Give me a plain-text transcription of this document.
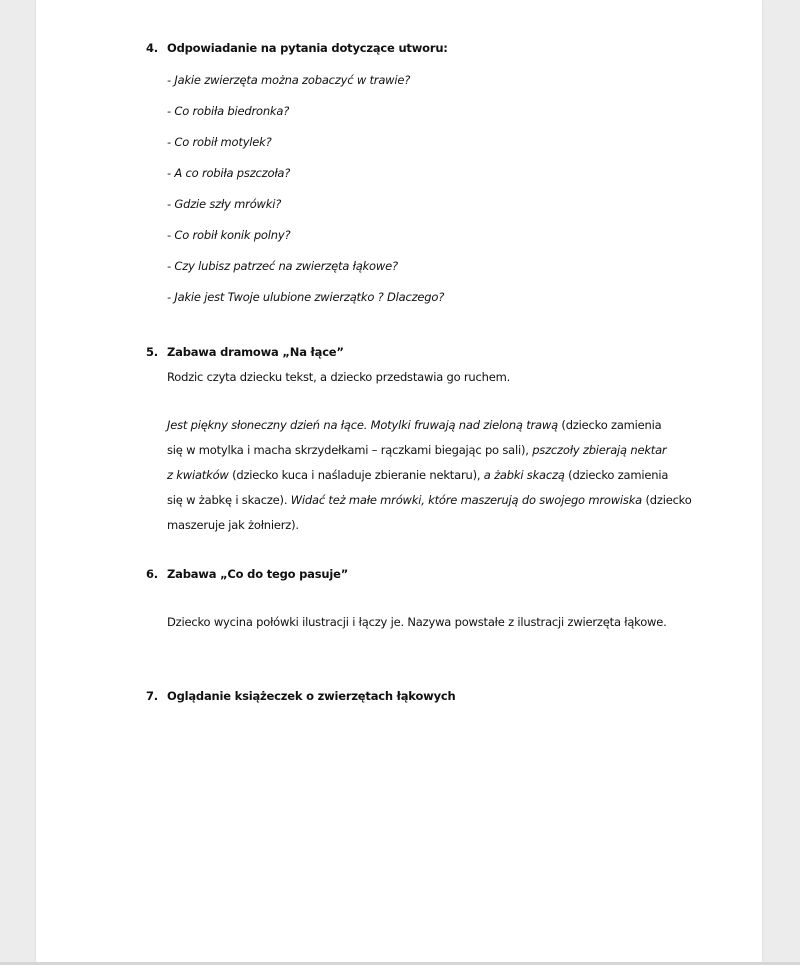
4. Odpowiadanie na pytania dotyczące utworu:
- Jakie zwierzęta można zobaczyć w trawie?
- Co robiła biedronka?
- Co robił motylek?
- A co robiła pszczoła?
- Gdzie szły mrówki?
- Co robił konik polny?
- Czy lubisz patrzeć na zwierzęta łąkowe?
- Jakie jest Twoje ulubione zwierzątko ? Dlaczego?
5. Zabawa dramowa „Na łące”
Rodzic czyta dziecku tekst, a dziecko przedstawia go ruchem.
Jest piękny słoneczny dzień na łące. Motylki fruwają nad zieloną trawą (dziecko zamienia
się w motylka i macha skrzydełkami – rączkami biegając po sali), pszczoły zbierają nektar
z kwiatków (dziecko kuca i naśladuje zbieranie nektaru), a żabki skaczą (dziecko zamienia
się w żabkę i skacze). Widać też małe mrówki, które maszerują do swojego mrowiska (dziecko
maszeruje jak żołnierz).
6. Zabawa „Co do tego pasuje”
Dziecko wycina połówki ilustracji i łączy je. Nazywa powstałe z ilustracji zwierzęta łąkowe.
7. Oglądanie książeczek o zwierzętach łąkowych
